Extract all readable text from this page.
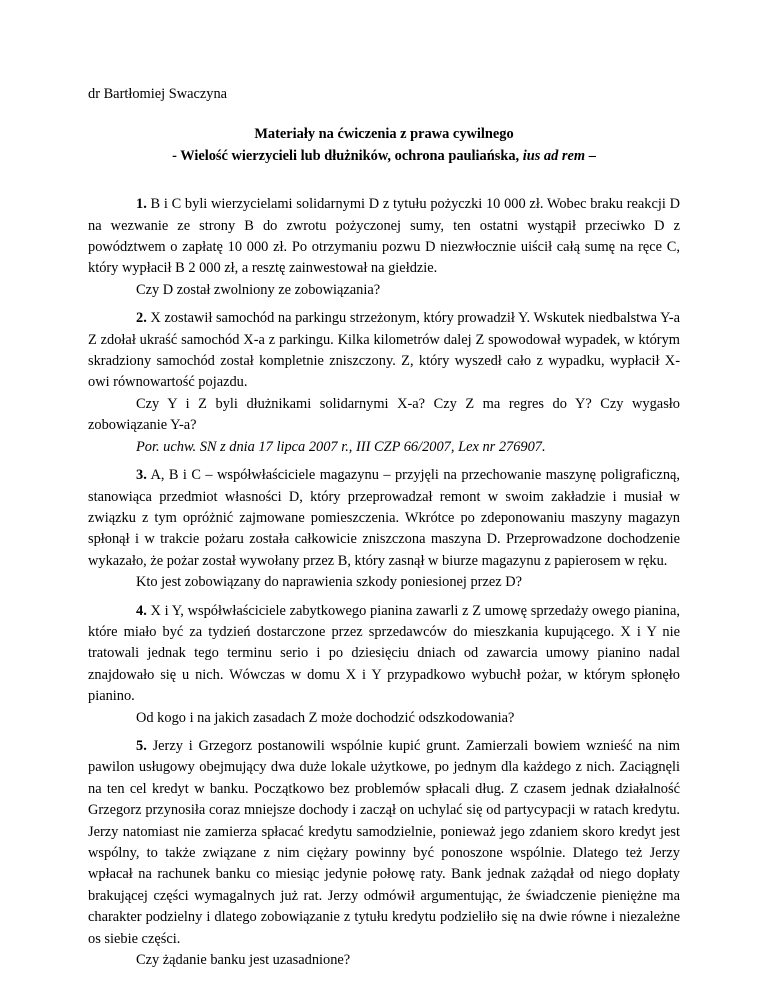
dr Bartłomiej Swaczyna

Materiały na ćwiczenia z prawa cywilnego

- Wielość wierzycieli lub dłużników, ochrona pauliańska, ius ad rem –

1. B i C byli wierzycielami solidarnymi D z tytułu pożyczki 10 000 zł. Wobec braku reakcji D na wezwanie ze strony B do zwrotu pożyczonej sumy, ten ostatni wystąpił przeciwko D z powództwem o zapłatę 10 000 zł. Po otrzymaniu pozwu D niezwłocznie uiścił całą sumę na ręce C, który wypłacił B 2 000 zł, a resztę zainwestował na giełdzie.

Czy D został zwolniony ze zobowiązania?

2. X zostawił samochód na parkingu strzeżonym, który prowadził Y. Wskutek niedbalstwa Y-a Z zdołał ukraść samochód X-a z parkingu. Kilka kilometrów dalej Z spowodował wypadek, w którym skradziony samochód został kompletnie zniszczony. Z, który wyszedł cało z wypadku, wypłacił X-owi równowartość pojazdu.

Czy Y i Z byli dłużnikami solidarnymi X-a? Czy Z ma regres do Y? Czy wygasło zobowiązanie Y-a?

Por. uchw. SN z dnia 17 lipca 2007 r., III CZP 66/2007, Lex nr 276907.

3. A, B i C – współwłaściciele magazynu – przyjęli na przechowanie maszynę poligraficzną, stanowiąca przedmiot własności D, który przeprowadzał remont w swoim zakładzie i musiał w związku z tym opróżnić zajmowane pomieszczenia. Wkrótce po zdeponowaniu maszyny magazyn spłonął i w trakcie pożaru została całkowicie zniszczona maszyna D. Przeprowadzone dochodzenie wykazało, że pożar został wywołany przez B, który zasnął w biurze magazynu z papierosem w ręku.

Kto jest zobowiązany do naprawienia szkody poniesionej przez D?

4. X i Y, współwłaściciele zabytkowego pianina zawarli z Z umowę sprzedaży owego pianina, które miało być za tydzień dostarczone przez sprzedawców do mieszkania kupującego. X i Y nie tratowali jednak tego terminu serio i po dziesięciu dniach od zawarcia umowy pianino nadal znajdowało się u nich. Wówczas w domu X i Y przypadkowo wybuchł pożar, w którym spłonęło pianino.

Od kogo i na jakich zasadach Z może dochodzić odszkodowania?

5. Jerzy i Grzegorz postanowili wspólnie kupić grunt. Zamierzali bowiem wznieść na nim pawilon usługowy obejmujący dwa duże lokale użytkowe, po jednym dla każdego z nich. Zaciągnęli na ten cel kredyt w banku. Początkowo bez problemów spłacali dług. Z czasem jednak działalność Grzegorz przynosiła coraz mniejsze dochody i zaczął on uchylać się od partycypacji w ratach kredytu. Jerzy natomiast nie zamierza spłacać kredytu samodzielnie, ponieważ jego zdaniem skoro kredyt jest wspólny, to także związane z nim ciężary powinny być ponoszone wspólnie. Dlatego też Jerzy wpłacał na rachunek banku co miesiąc jedynie połowę raty. Bank jednak zażądał od niego dopłaty brakującej części wymagalnych już rat. Jerzy odmówił argumentując, że świadczenie pieniężne ma charakter podzielny i dlatego zobowiązanie z tytułu kredytu podzieliło się na dwie równe i niezależne os siebie części.

Czy żądanie banku jest uzasadnione?
